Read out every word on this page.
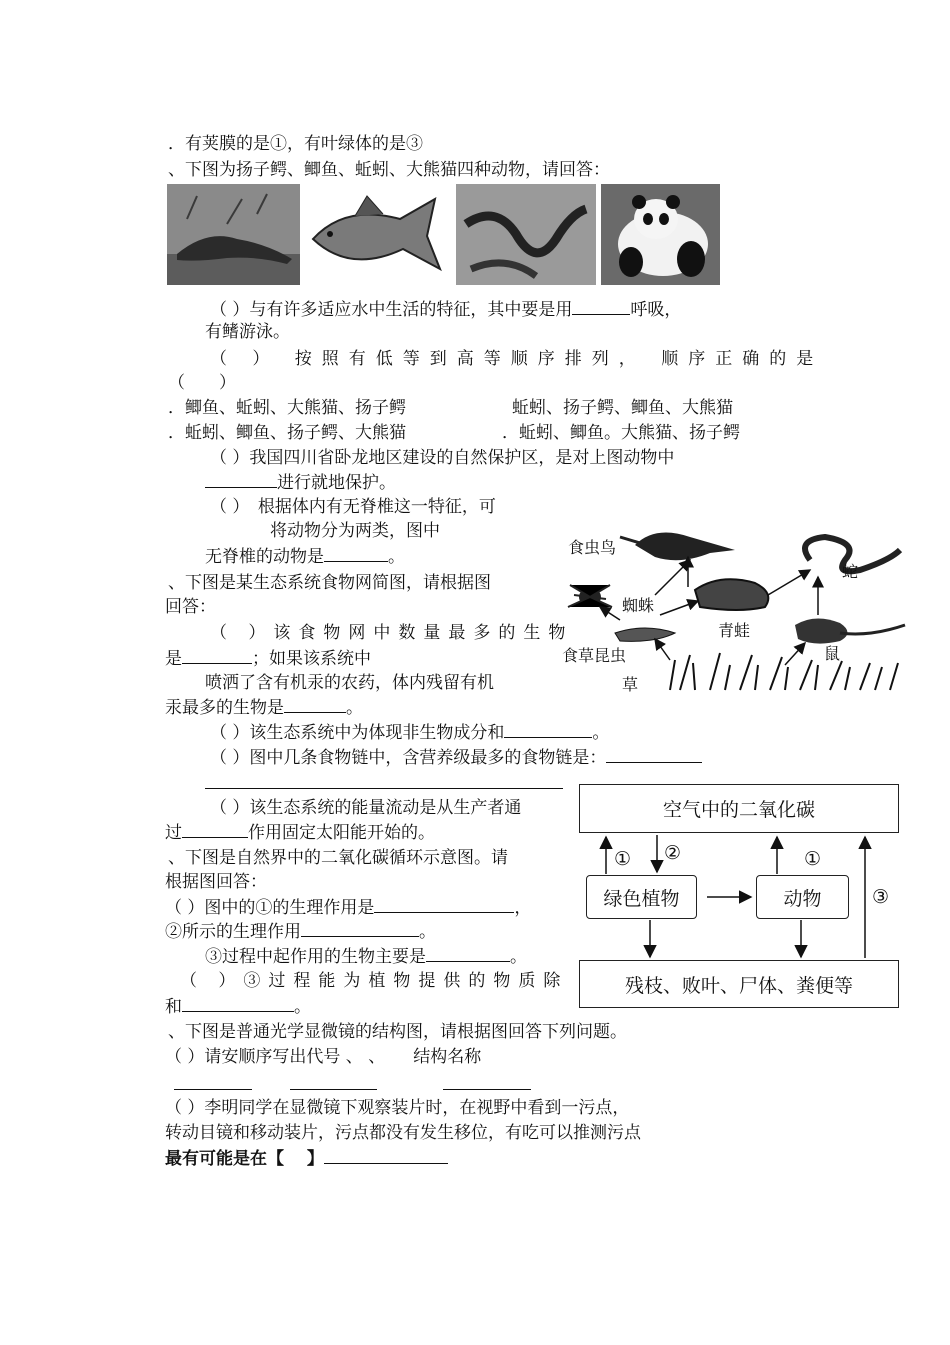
．有荚膜的是①，有叶绿体的是③
、下图为扬子鳄、鲫鱼、蚯蚓、大熊猫四种动物，请回答：
（ ）与有许多适应水中生活的特征，其中要是用	呼吸，
有鳍游泳。
（ ） 按照有低等到高等顺序排列， 顺序正确的是
（　　）
．鲫鱼、蚯蚓、大熊猫、扬子鳄	蚯蚓、扬子鳄、鲫鱼、大熊猫
．蚯蚓、鲫鱼、扬子鳄、大熊猫	．蚯蚓、鲫鱼。大熊猫、扬子鳄
（ ）我国四川省卧龙地区建设的自然保护区，是对上图动物中
进行就地保护。
（ ）　根据体内有无脊椎这一特征，可
将动物分为两类，图中
无脊椎的动物是	。
、下图是某生态系统食物网简图，请根据图
回答：
（ ）该食物网中数量最多的生物
是	；如果该系统中
喷洒了含有机汞的农药，体内残留有机
汞最多的生物是	。
（ ）该生态系统中为体现非生物成分和	。
（ ）图中几条食物链中，含营养级最多的食物链是：
食虫鸟
蛇
蜘蛛
青蛙
食草昆虫	鼠
草
（ ）该生态系统的能量流动是从生产者通
过	作用固定太阳能开始的。
、下图是自然界中的二氧化碳循环示意图。请
根据图回答：
（ ）图中的①的生理作用是	，
②所示的生理作用	。
③过程中起作用的生物主要是	。
（ ）③过程能为植物提供的物质除
和	。
空气中的二氧化碳
绿色植物	动物
残枝、败叶、尸体、粪便等
① ②	①
③
、下图是普通光学显微镜的结构图，请根据图回答下列问题。
（ ）请安顺序写出代号 、 、 结构名称
（ ）李明同学在显微镜下观察装片时，在视野中看到一污点，
转动目镜和移动装片，污点都没有发生移位，有吃可以推测污点
最有可能是在【　 】
